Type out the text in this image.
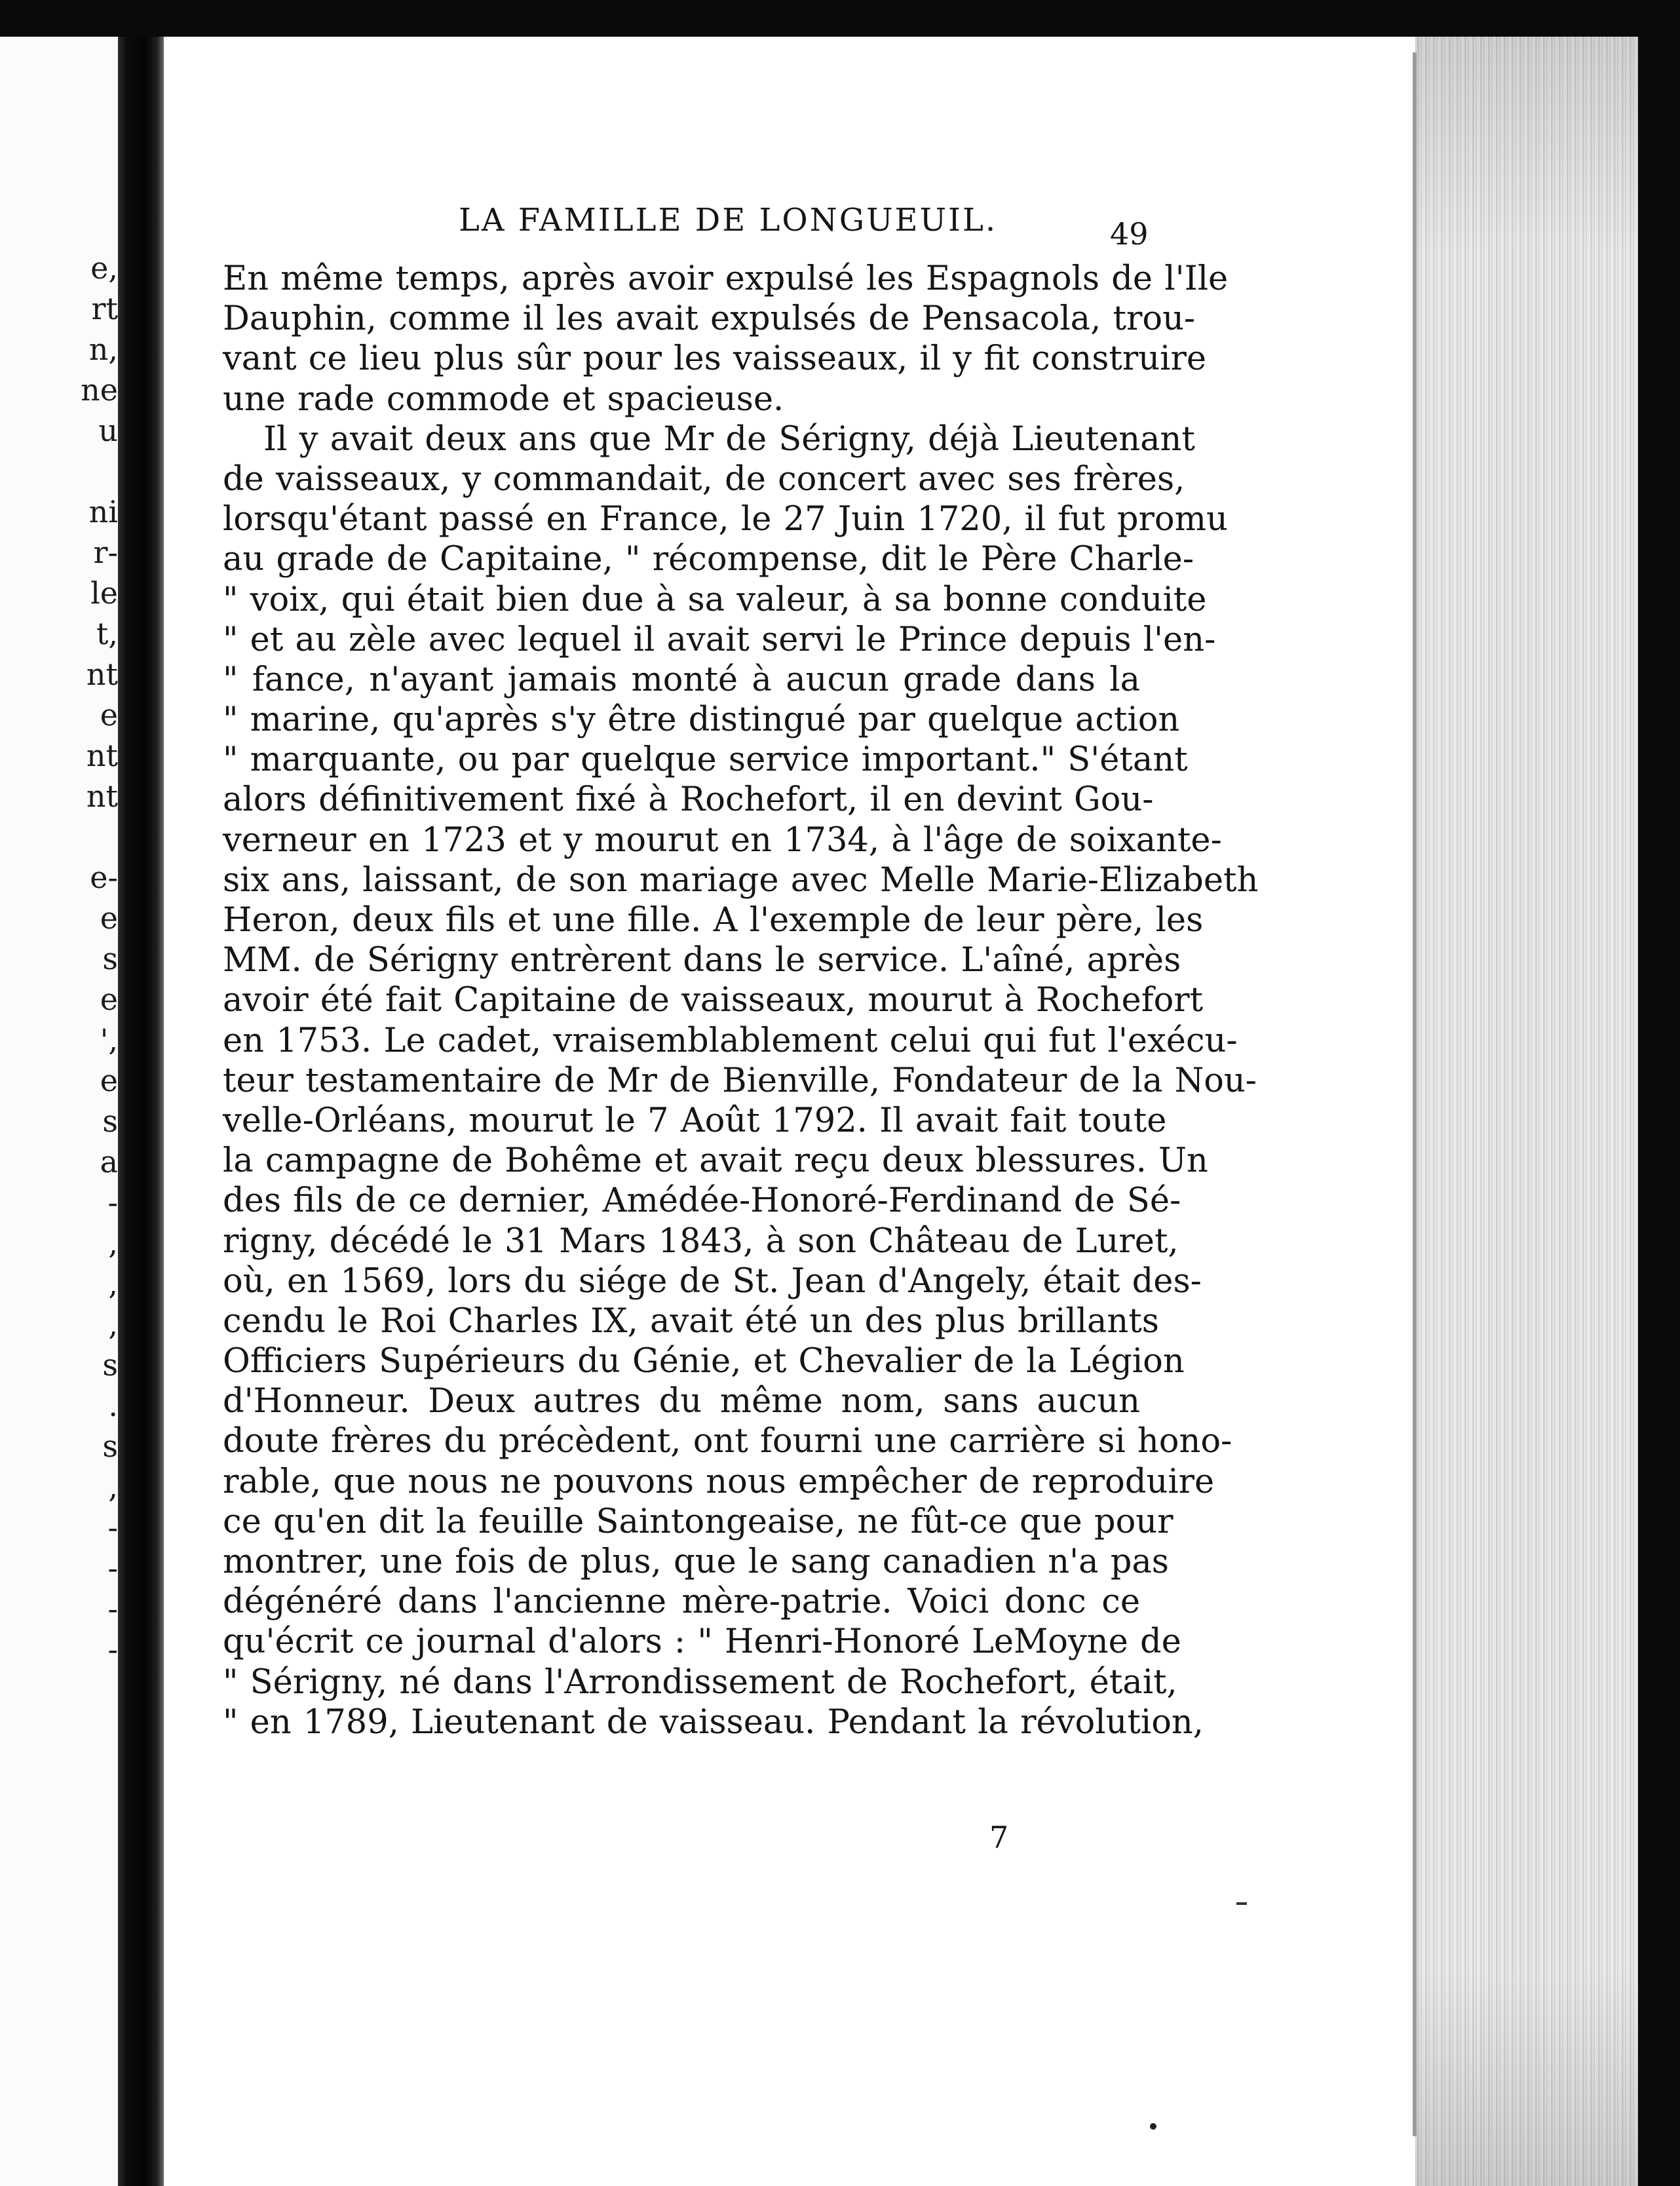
e,
rt
n,
ne
u
ni
r-
le
t,
nt
e
nt
nt
e-
e
s
e
',
e
s
a
-
,
,
,
s
.
s
,
-
-
-
-
LA FAMILLE DE LONGUEUIL.	49
En même temps, après avoir expulsé les Espagnols de l'Ile
Dauphin, comme il les avait expulsés de Pensacola, trou-
vant ce lieu plus sûr pour les vaisseaux, il y fit construire
une rade commode et spacieuse.
Il y avait deux ans que Mr de Sérigny, déjà Lieutenant
de vaisseaux, y commandait, de concert avec ses frères,
lorsqu'étant passé en France, le 27 Juin 1720, il fut promu
au grade de Capitaine, " récompense, dit le Père Charle-
" voix, qui était bien due à sa valeur, à sa bonne conduite
" et au zèle avec lequel il avait servi le Prince depuis l'en-
" fance, n'ayant jamais monté à aucun grade dans la
" marine, qu'après s'y être distingué par quelque action
" marquante, ou par quelque service important." S'étant
alors définitivement fixé à Rochefort, il en devint Gou-
verneur en 1723 et y mourut en 1734, à l'âge de soixante-
six ans, laissant, de son mariage avec Melle Marie-Elizabeth
Heron, deux fils et une fille. A l'exemple de leur père, les
MM. de Sérigny entrèrent dans le service. L'aîné, après
avoir été fait Capitaine de vaisseaux, mourut à Rochefort
en 1753. Le cadet, vraisemblablement celui qui fut l'exécu-
teur testamentaire de Mr de Bienville, Fondateur de la Nou-
velle-Orléans, mourut le 7 Août 1792. Il avait fait toute
la campagne de Bohême et avait reçu deux blessures. Un
des fils de ce dernier, Amédée-Honoré-Ferdinand de Sé-
rigny, décédé le 31 Mars 1843, à son Château de Luret,
où, en 1569, lors du siége de St. Jean d'Angely, était des-
cendu le Roi Charles IX, avait été un des plus brillants
Officiers Supérieurs du Génie, et Chevalier de la Légion
d'Honneur. Deux autres du même nom, sans aucun
doute frères du précèdent, ont fourni une carrière si hono-
rable, que nous ne pouvons nous empêcher de reproduire
ce qu'en dit la feuille Saintongeaise, ne fût-ce que pour
montrer, une fois de plus, que le sang canadien n'a pas
dégénéré dans l'ancienne mère-patrie. Voici donc ce
qu'écrit ce journal d'alors : " Henri-Honoré LeMoyne de
" Sérigny, né dans l'Arrondissement de Rochefort, était,
" en 1789, Lieutenant de vaisseau. Pendant la révolution,
7
